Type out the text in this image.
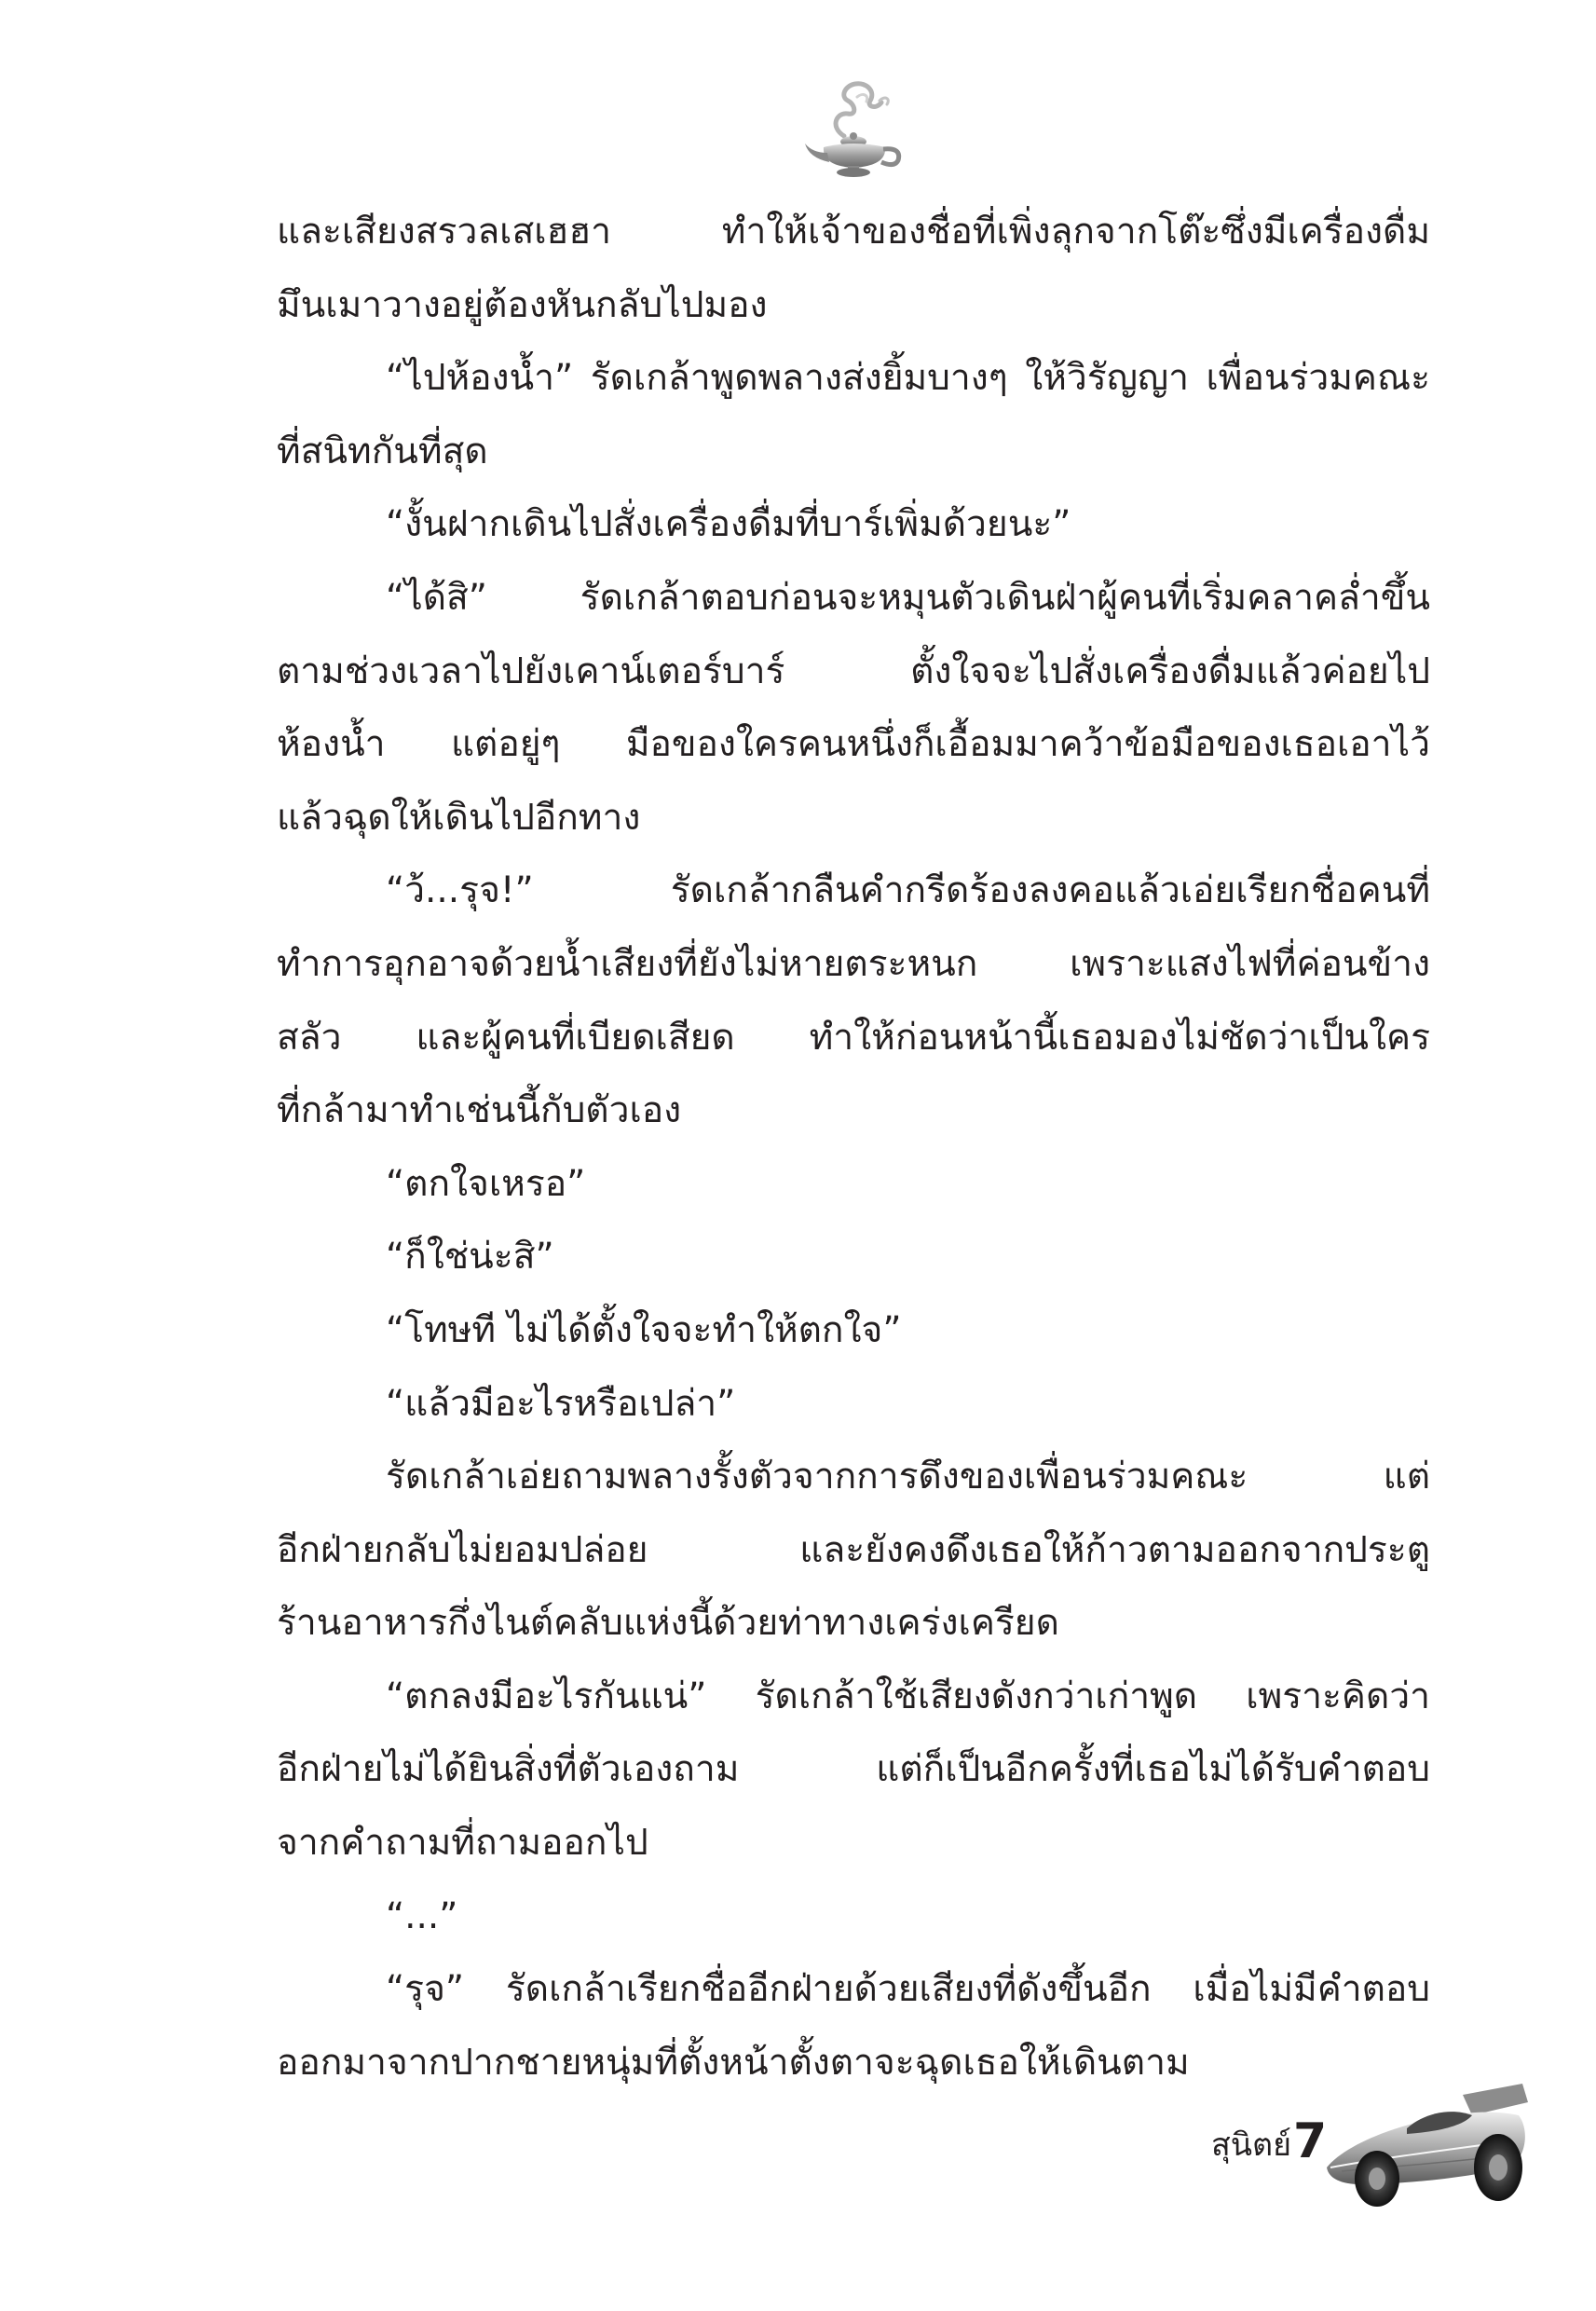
และเสียงสรวลเสเฮฮา ทำให้เจ้าของชื่อที่เพิ่งลุกจากโต๊ะซึ่งมีเครื่องดื่ม
มึนเมาวางอยู่ต้องหันกลับไปมอง
“ไปห้องน้ำ” รัดเกล้าพูดพลางส่งยิ้มบางๆ ให้วิรัญญา เพื่อนร่วมคณะ
ที่สนิทกันที่สุด
“งั้นฝากเดินไปสั่งเครื่องดื่มที่บาร์เพิ่มด้วยนะ”
“ได้สิ” รัดเกล้าตอบก่อนจะหมุนตัวเดินฝ่าผู้คนที่เริ่มคลาคล่ำขึ้น
ตามช่วงเวลาไปยังเคาน์เตอร์บาร์ ตั้งใจจะไปสั่งเครื่องดื่มแล้วค่อยไป
ห้องน้ำ แต่อยู่ๆ มือของใครคนหนึ่งก็เอื้อมมาคว้าข้อมือของเธอเอาไว้
แล้วฉุดให้เดินไปอีกทาง
“ว้...รุจ!” รัดเกล้ากลืนคำกรีดร้องลงคอแล้วเอ่ยเรียกชื่อคนที่
ทำการอุกอาจด้วยน้ำเสียงที่ยังไม่หายตระหนก เพราะแสงไฟที่ค่อนข้าง
สลัว และผู้คนที่เบียดเสียด ทำให้ก่อนหน้านี้เธอมองไม่ชัดว่าเป็นใคร
ที่กล้ามาทำเช่นนี้กับตัวเอง
“ตกใจเหรอ”
“ก็ใช่น่ะสิ”
“โทษที ไม่ได้ตั้งใจจะทำให้ตกใจ”
“แล้วมีอะไรหรือเปล่า”
รัดเกล้าเอ่ยถามพลางรั้งตัวจากการดึงของเพื่อนร่วมคณะ แต่
อีกฝ่ายกลับไม่ยอมปล่อย และยังคงดึงเธอให้ก้าวตามออกจากประตู
ร้านอาหารกึ่งไนต์คลับแห่งนี้ด้วยท่าทางเคร่งเครียด
“ตกลงมีอะไรกันแน่” รัดเกล้าใช้เสียงดังกว่าเก่าพูด เพราะคิดว่า
อีกฝ่ายไม่ได้ยินสิ่งที่ตัวเองถาม แต่ก็เป็นอีกครั้งที่เธอไม่ได้รับคำตอบ
จากคำถามที่ถามออกไป
“...”
“รุจ” รัดเกล้าเรียกชื่ออีกฝ่ายด้วยเสียงที่ดังขึ้นอีก เมื่อไม่มีคำตอบ
ออกมาจากปากชายหนุ่มที่ตั้งหน้าตั้งตาจะฉุดเธอให้เดินตาม
สุนิตย์ 7
